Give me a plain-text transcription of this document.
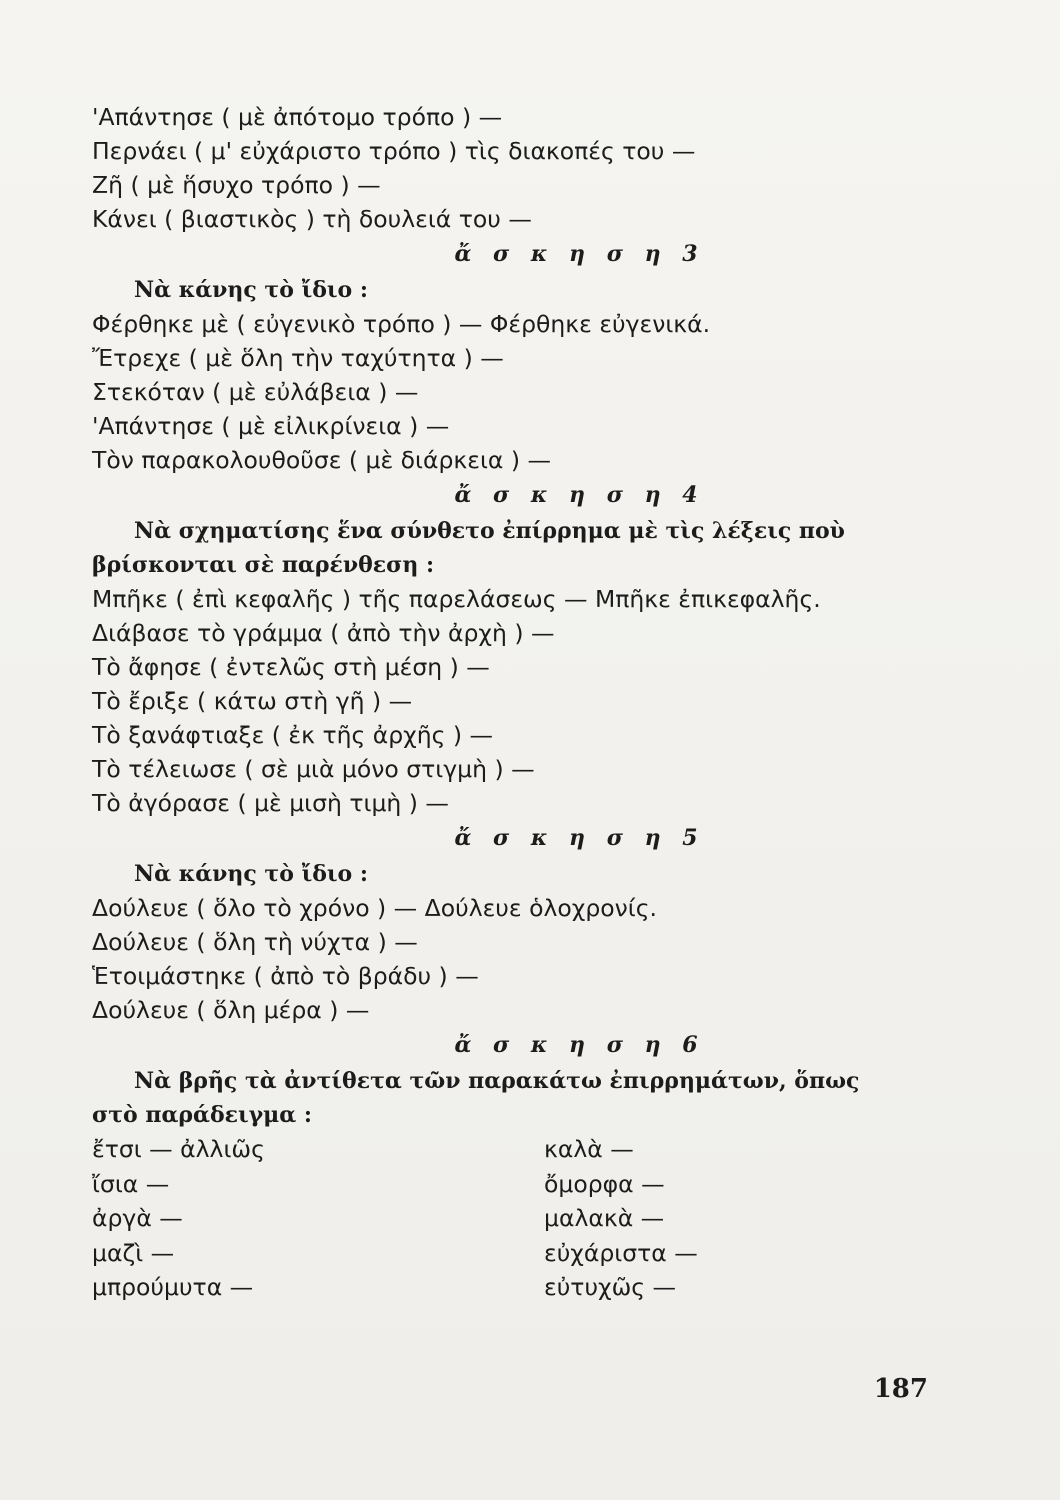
'Απάντησε ( μὲ ἀπότομο τρόπο ) —
Περνάει ( μ' εὐχάριστο τρόπο ) τὶς διακοπές του —
Ζῆ ( μὲ ἥσυχο τρόπο ) —
Κάνει ( βιαστικὸς ) τὴ δουλειά του —
ἄ σ κ η σ η 3
Νὰ κάνης τὸ ἴδιο :
Φέρθηκε μὲ ( εὐγενικὸ τρόπο ) — Φέρθηκε εὐγενικά.
Ἔτρεχε ( μὲ ὅλη τὴν ταχύτητα ) —
Στεκόταν ( μὲ εὐλάβεια ) —
'Απάντησε ( μὲ εἰλικρίνεια ) —
Τὸν παρακολουθοῦσε ( μὲ διάρκεια ) —
ἄ σ κ η σ η 4
Νὰ σχηματίσης ἕνα σύνθετο ἐπίρρημα μὲ τὶς λέξεις ποὺ
βρίσκονται σὲ παρένθεση :
Μπῆκε ( ἐπὶ κεφαλῆς ) τῆς παρελάσεως — Μπῆκε ἐπικεφαλῆς.
Διάβασε τὸ γράμμα ( ἀπὸ τὴν ἀρχὴ ) —
Τὸ ἄφησε ( ἐντελῶς στὴ μέση ) —
Τὸ ἔριξε ( κάτω στὴ γῆ ) —
Τὸ ξανάφτιαξε ( ἐκ τῆς ἀρχῆς ) —
Τὸ τέλειωσε ( σὲ μιὰ μόνο στιγμὴ ) —
Τὸ ἀγόρασε ( μὲ μισὴ τιμὴ ) —
ἄ σ κ η σ η 5
Νὰ κάνης τὸ ἴδιο :
Δούλευε ( ὅλο τὸ χρόνο ) — Δούλευε ὁλοχρονίς.
Δούλευε ( ὅλη τὴ νύχτα ) —
Ἑτοιμάστηκε ( ἀπὸ τὸ βράδυ ) —
Δούλευε ( ὅλη μέρα ) —
ἄ σ κ η σ η 6
Νὰ βρῆς τὰ ἀντίθετα τῶν παρακάτω ἐπιρρημάτων, ὅπως
στὸ παράδειγμα :
ἔτσι — ἀλλιῶς	καλὰ —
ἴσια —	ὄμορφα —
ἀργὰ —	μαλακὰ —
μαζὶ —	εὐχάριστα —
μπρούμυτα —	εὐτυχῶς —
187
